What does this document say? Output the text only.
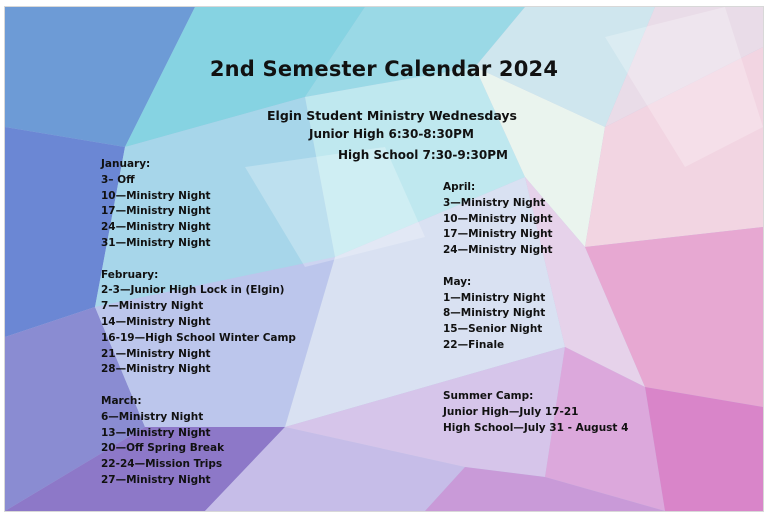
2nd Semester Calendar 2024
Elgin Student Ministry Wednesdays
Junior High 6:30-8:30PM
High School 7:30-9:30PM
January:
3– Off
10—Ministry Night
17—Ministry Night
24—Ministry Night
31—Ministry Night
February:
2-3—Junior High Lock in (Elgin)
7—Ministry Night
14—Ministry Night
16-19—High School Winter Camp
21—Ministry Night
28—Ministry Night
March:
6—Ministry Night
13—Ministry Night
20—Off Spring Break
22-24—Mission Trips
27—Ministry Night
April:
3—Ministry Night
10—Ministry Night
17—Ministry Night
24—Ministry Night
May:
1—Ministry Night
8—Ministry Night
15—Senior Night
22—Finale
Summer Camp:
Junior High—July 17-21
High School—July 31 - August 4
